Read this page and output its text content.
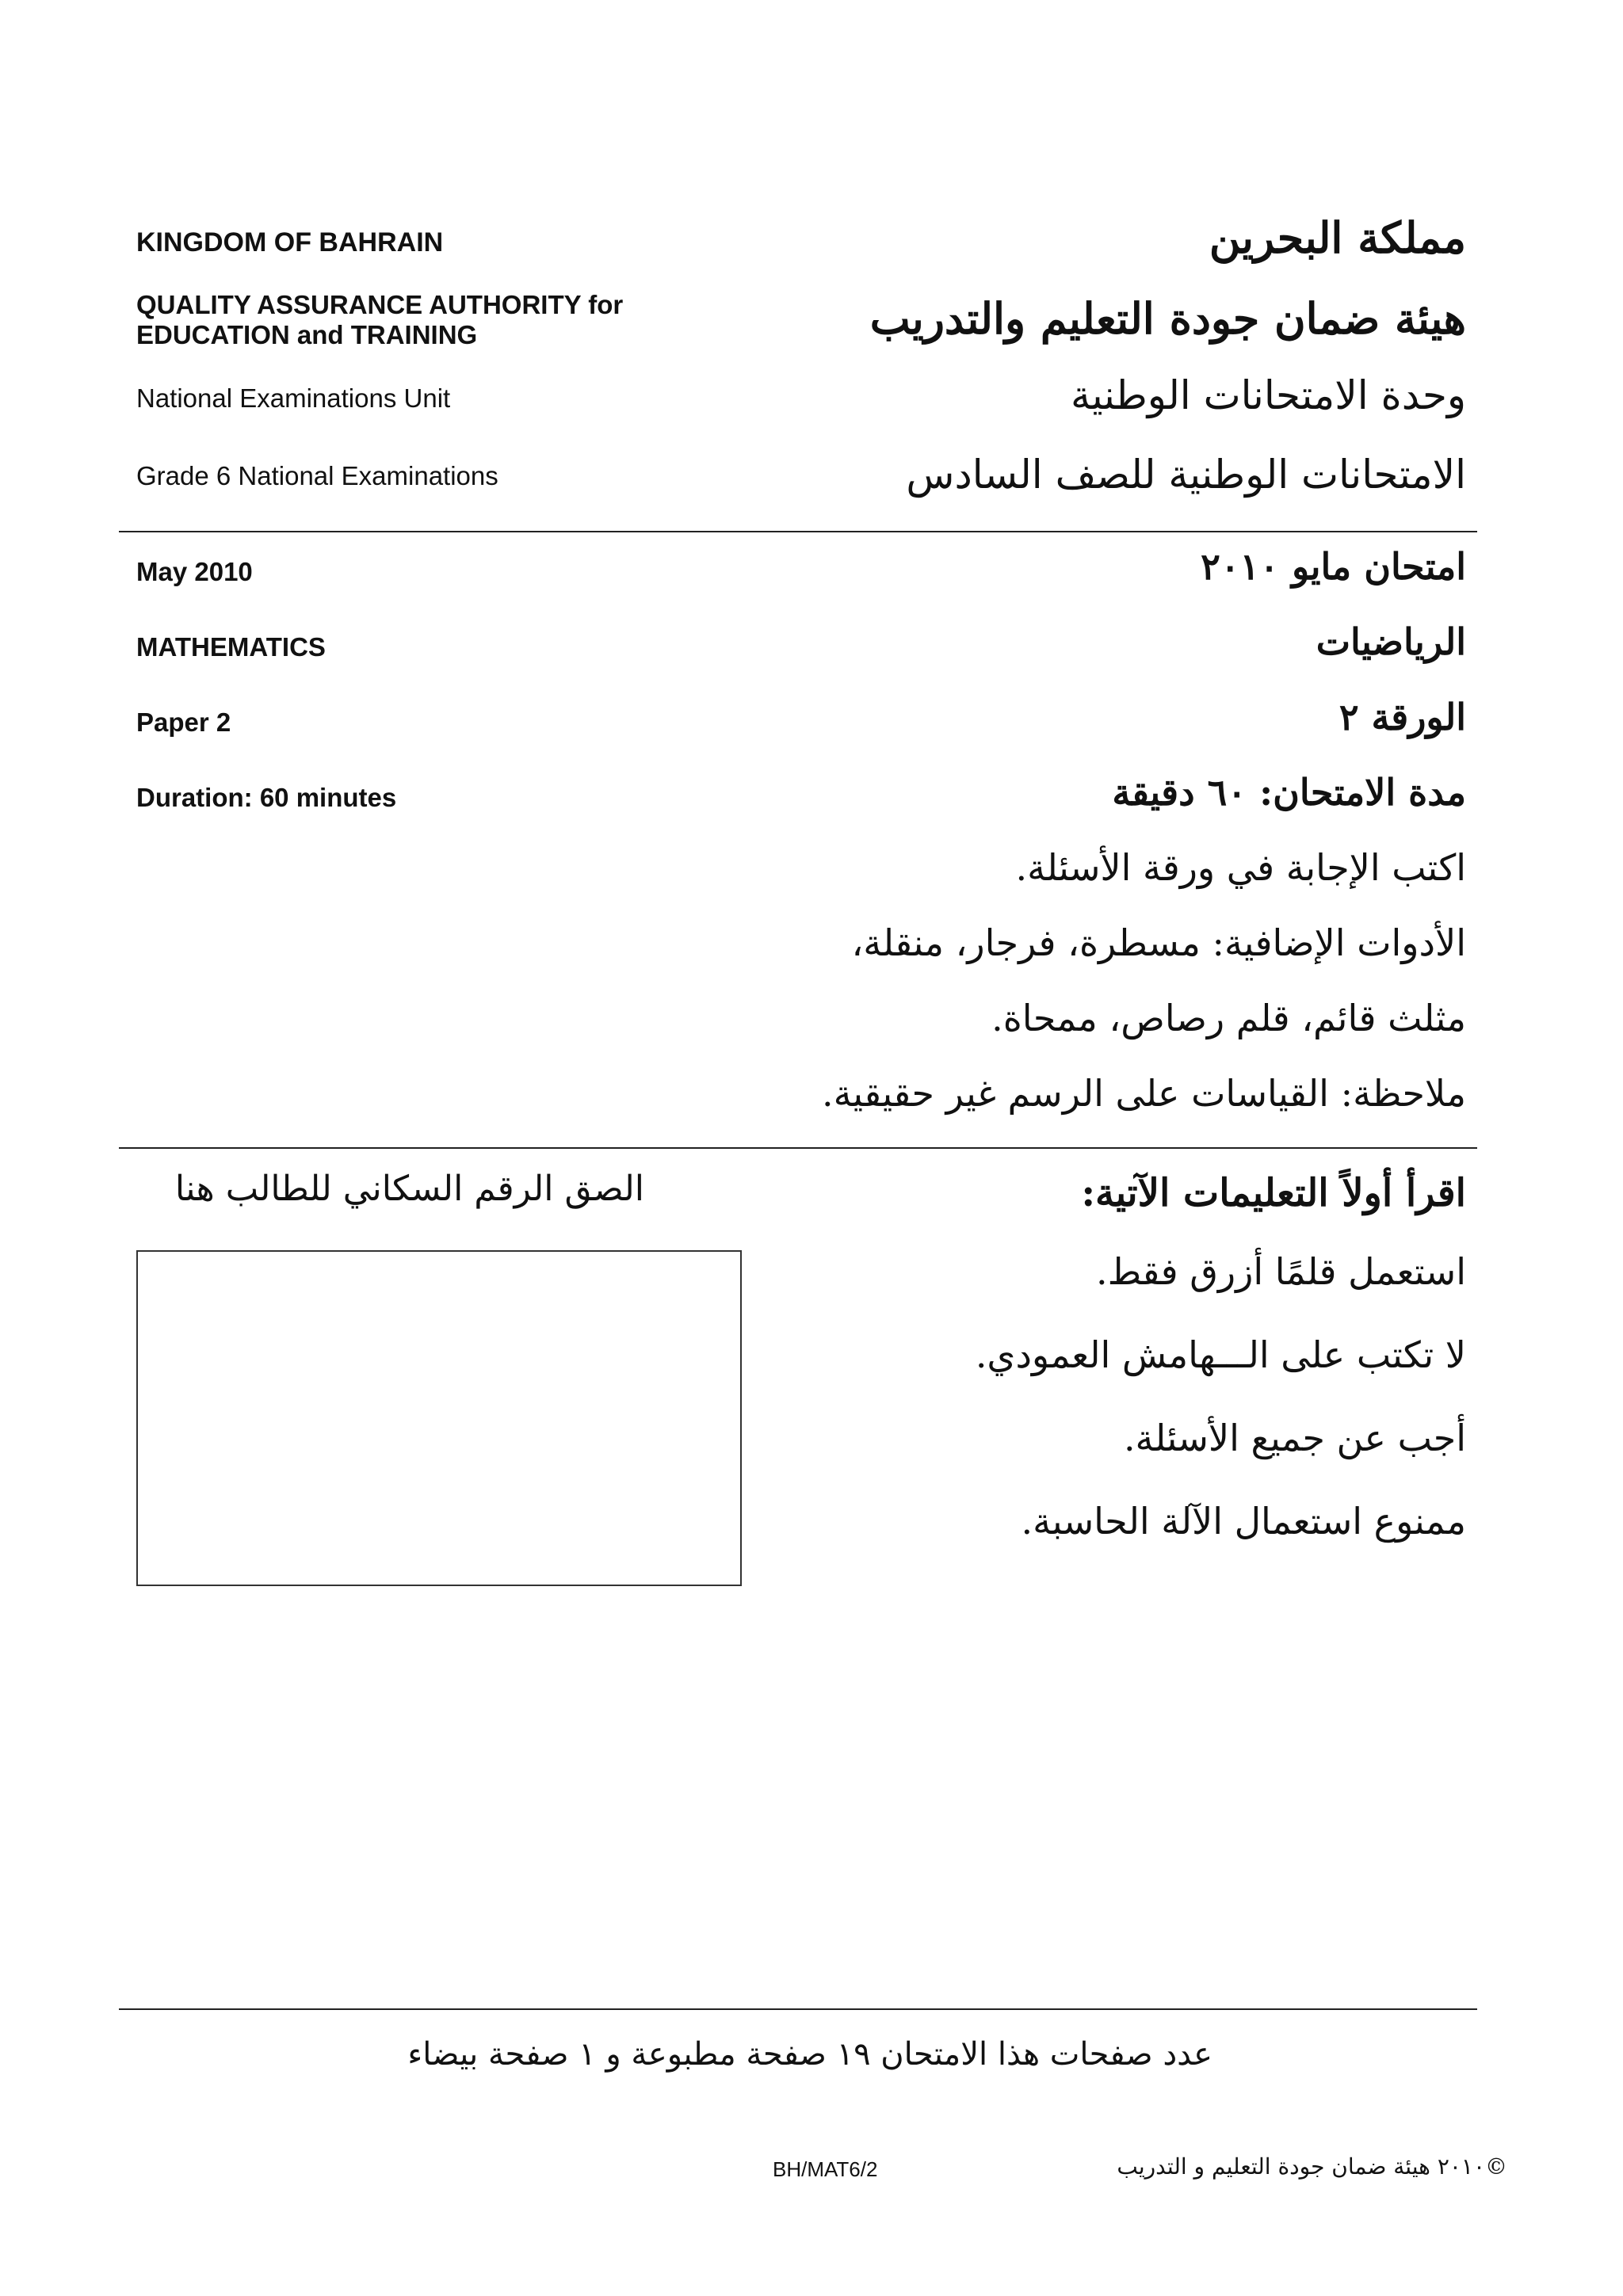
KINGDOM OF BAHRAIN
QUALITY ASSURANCE AUTHORITY for
EDUCATION and TRAINING
National Examinations Unit
Grade 6 National Examinations
مملكة البحرين
هيئة ضمان جودة التعليم والتدريب
وحدة الامتحانات الوطنية
الامتحانات الوطنية للصف السادس
May 2010
MATHEMATICS
Paper 2
Duration: 60 minutes
امتحان مايو ٢٠١٠
الرياضيات
الورقة ٢
مدة الامتحان: ٦٠ دقيقة
اكتب الإجابة في ورقة الأسئلة.
الأدوات الإضافية: مسطرة، فرجار، منقلة،
مثلث قائم، قلم رصاص، ممحاة.
ملاحظة: القياسات على الرسم غير حقيقية.
الصق الرقم السكاني للطالب هنا	اقرأ أولاً التعليمات الآتية:
استعمل قلمًا أزرق فقط.
لا تكتب على الـــهامش العمودي.
أجب عن جميع الأسئلة.
ممنوع استعمال الآلة الحاسبة.
عدد صفحات هذا الامتحان ١٩ صفحة مطبوعة و ١ صفحة بيضاء
BH/MAT6/2	©٢٠١٠ هيئة ضمان جودة التعليم و التدريب
